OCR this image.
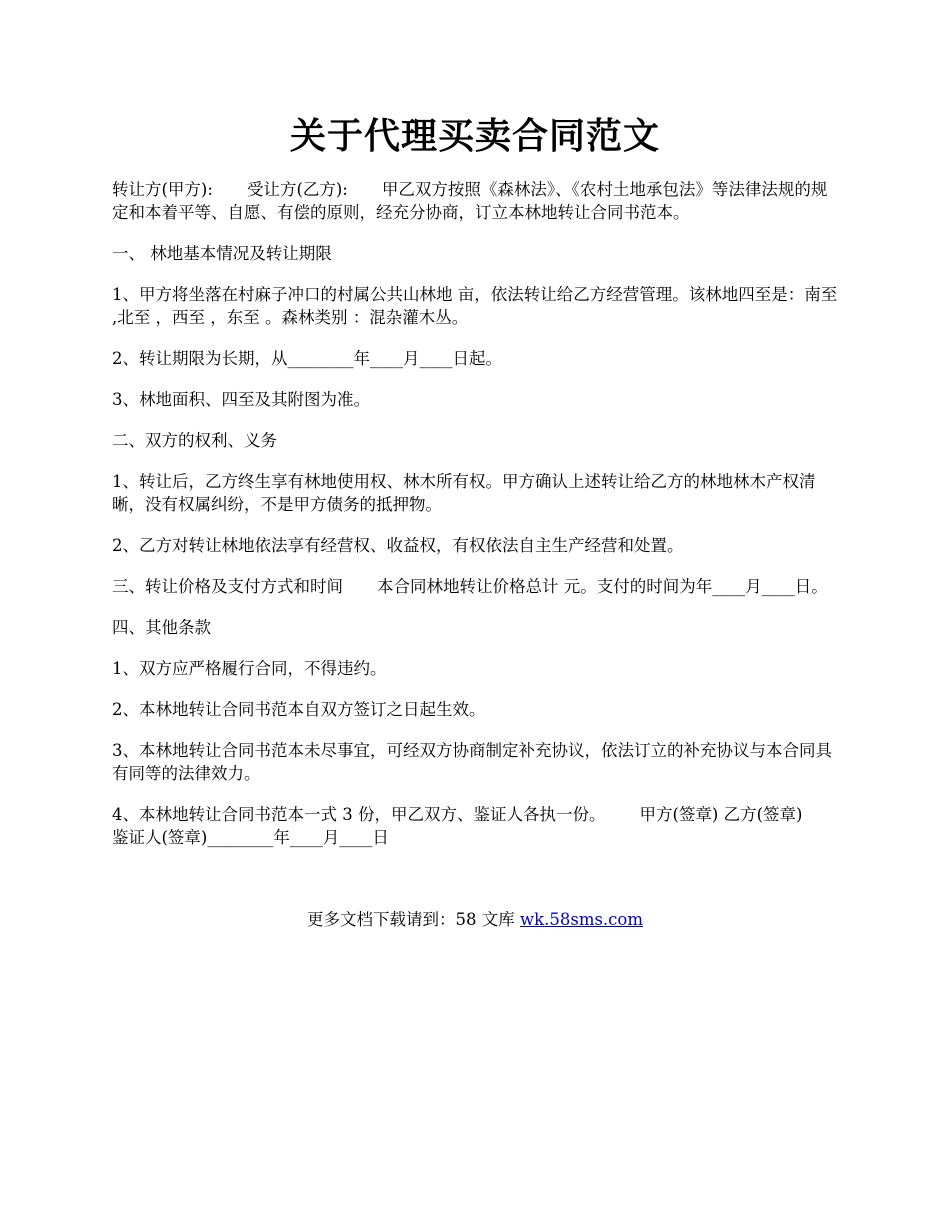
关于代理买卖合同范文

转让方(甲方): 受让方(乙方): 甲乙双方按照《森林法》、《农村土地承包法》等法律法规的规定和本着平等、自愿、有偿的原则，经充分协商，订立本林地转让合同书范本。

一、 林地基本情况及转让期限

1、甲方将坐落在村麻子冲口的村属公共山林地 亩，依法转让给乙方经营管理。该林地四至是：南至 ,北至 ，西至 ，东至 。森林类别 ：混杂灌木丛。

2、转让期限为长期，从________年____月____日起。

3、林地面积、四至及其附图为准。

二、双方的权利、义务

1、转让后，乙方终生享有林地使用权、林木所有权。甲方确认上述转让给乙方的林地林木产权清晰，没有权属纠纷，不是甲方债务的抵押物。

2、乙方对转让林地依法享有经营权、收益权，有权依法自主生产经营和处置。

三、转让价格及支付方式和时间 本合同林地转让价格总计 元。支付的时间为年____月____日。

四、其他条款

1、双方应严格履行合同，不得违约。

2、本林地转让合同书范本自双方签订之日起生效。

3、本林地转让合同书范本未尽事宜，可经双方协商制定补充协议，依法订立的补充协议与本合同具有同等的法律效力。

4、本林地转让合同书范本一式 3 份，甲乙双方、鉴证人各执一份。 甲方(签章) 乙方(签章)鉴证人(签章)________年____月____日

更多文档下载请到：58 文库 wk.58sms.com
